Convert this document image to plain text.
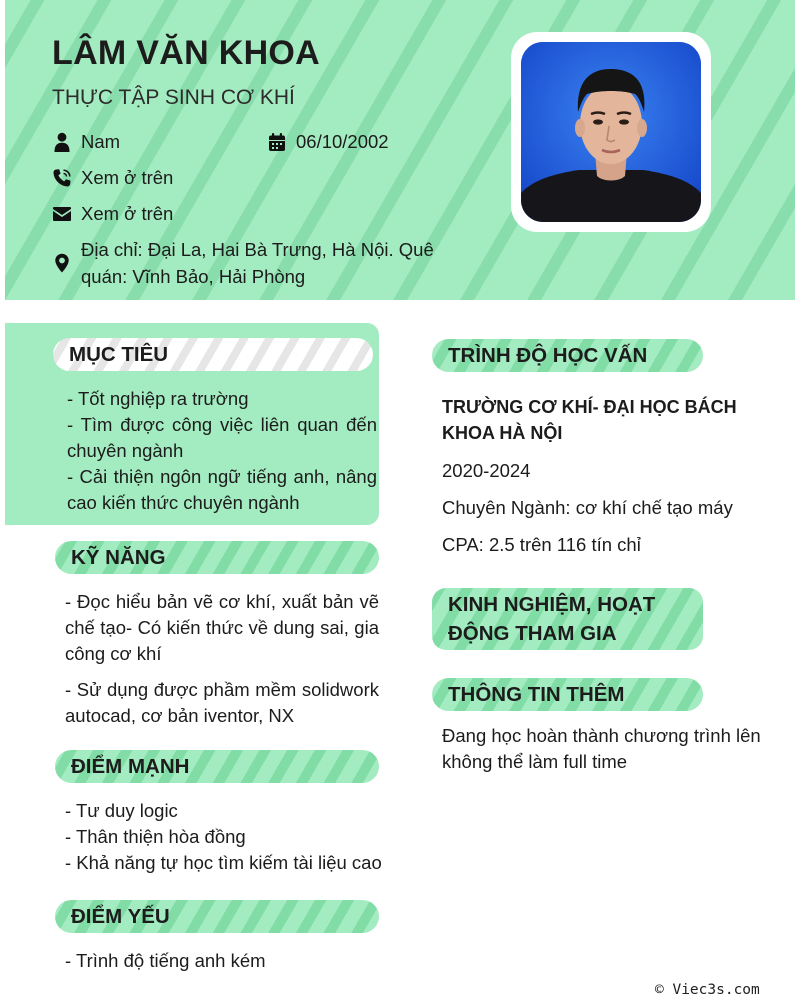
LÂM VĂN KHOA
THỰC TẬP SINH CƠ KHÍ
Nam	06/10/2002
Xem ở trên
Xem ở trên
Địa chỉ: Đại La, Hai Bà Trưng, Hà Nội. Quê quán: Vĩnh Bảo, Hải Phòng
MỤC TIÊU
- Tốt nghiệp ra trường
- Tìm được công việc liên quan đến chuyên ngành
- Cải thiện ngôn ngữ tiếng anh, nâng cao kiến thức chuyên ngành
KỸ NĂNG
- Đọc hiểu bản vẽ cơ khí, xuất bản vẽ chế tạo- Có kiến thức về dung sai, gia công cơ khí
- Sử dụng được phầm mềm solidwork autocad, cơ bản iventor, NX
ĐIỂM MẠNH
- Tư duy logic
- Thân thiện hòa đồng
- Khả năng tự học tìm kiếm tài liệu cao
ĐIỂM YẾU
- Trình độ tiếng anh kém
TRÌNH ĐỘ HỌC VẤN
TRƯỜNG CƠ KHÍ- ĐẠI HỌC BÁCH KHOA HÀ NỘI
2020-2024
Chuyên Ngành: cơ khí chế tạo máy
CPA: 2.5 trên 116 tín chỉ
KINH NGHIỆM, HOẠT ĐỘNG THAM GIA
THÔNG TIN THÊM
Đang học hoàn thành chương trình lên không thể làm full time
© Viec3s.com
